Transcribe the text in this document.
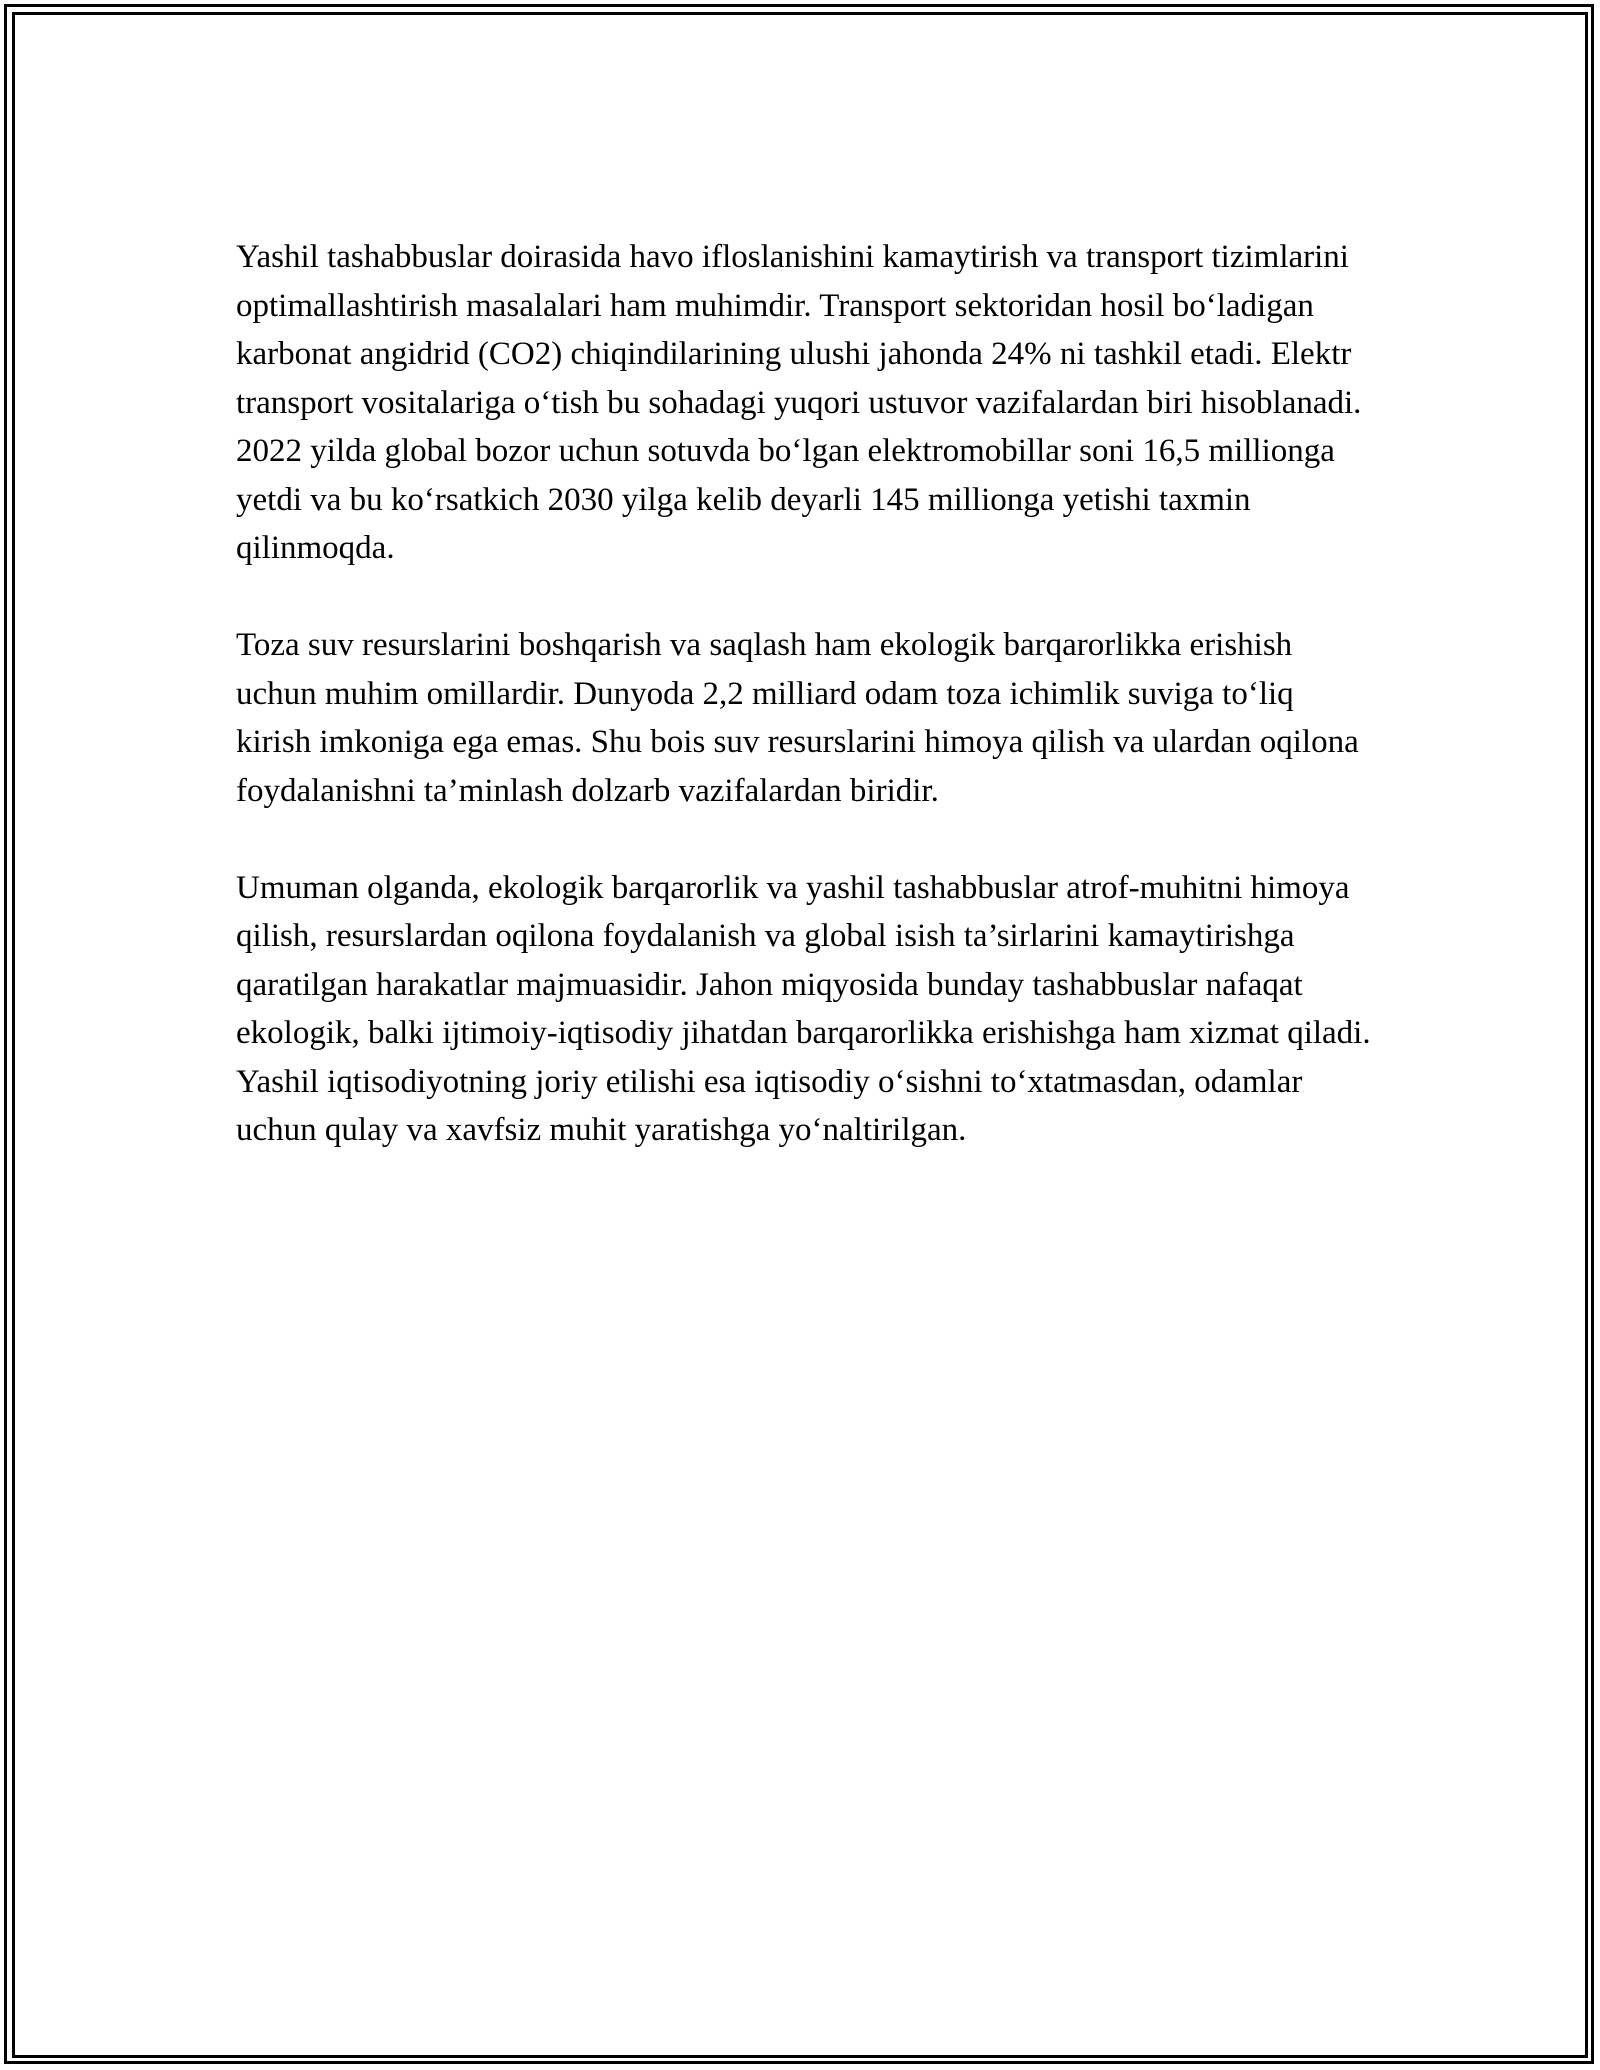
Yashil tashabbuslar doirasida havo ifloslanishini kamaytirish va transport tizimlarini optimallashtirish masalalari ham muhimdir. Transport sektoridan hosil bo‘ladigan karbonat angidrid (CO2) chiqindilarining ulushi jahonda 24% ni tashkil etadi. Elektr transport vositalariga o‘tish bu sohadagi yuqori ustuvor vazifalardan biri hisoblanadi. 2022 yilda global bozor uchun sotuvda bo‘lgan elektromobillar soni 16,5 millionga yetdi va bu ko‘rsatkich 2030 yilga kelib deyarli 145 millionga yetishi taxmin qilinmoqda.

Toza suv resurslarini boshqarish va saqlash ham ekologik barqarorlikka erishish uchun muhim omillardir. Dunyoda 2,2 milliard odam toza ichimlik suviga to‘liq kirish imkoniga ega emas. Shu bois suv resurslarini himoya qilish va ulardan oqilona foydalanishni ta’minlash dolzarb vazifalardan biridir.

Umuman olganda, ekologik barqarorlik va yashil tashabbuslar atrof-muhitni himoya qilish, resurslardan oqilona foydalanish va global isish ta’sirlarini kamaytirishga qaratilgan harakatlar majmuasidir. Jahon miqyosida bunday tashabbuslar nafaqat ekologik, balki ijtimoiy-iqtisodiy jihatdan barqarorlikka erishishga ham xizmat qiladi. Yashil iqtisodiyotning joriy etilishi esa iqtisodiy o‘sishni to‘xtatmasdan, odamlar uchun qulay va xavfsiz muhit yaratishga yo‘naltirilgan.
